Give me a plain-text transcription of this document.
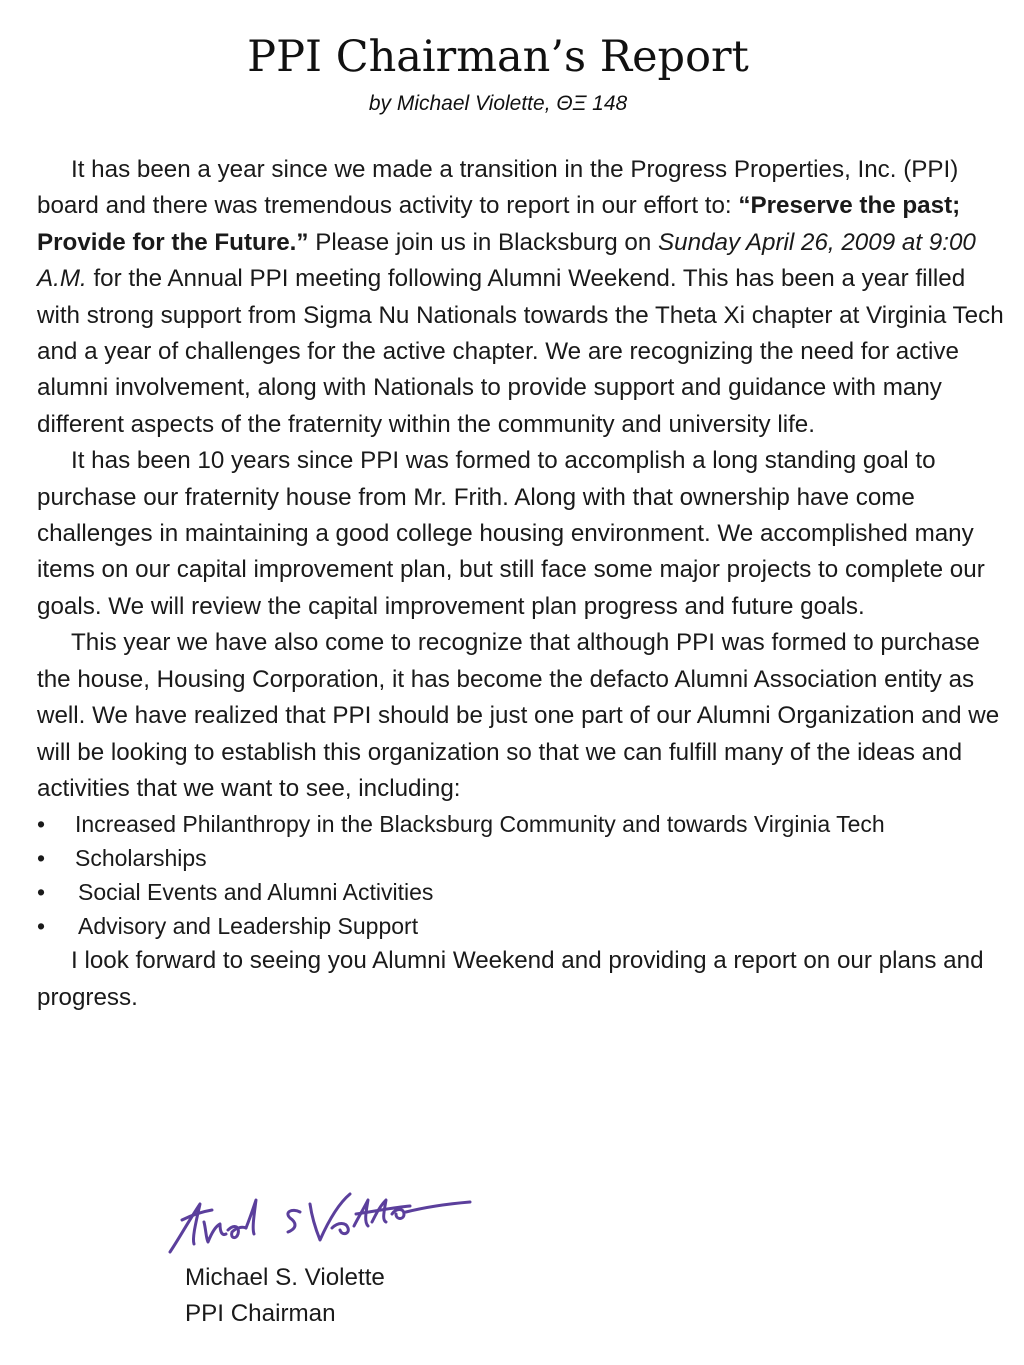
PPI Chairman’s Report
by Michael Violette, ΘΞ 148

It has been a year since we made a transition in the Progress Properties, Inc. (PPI) board and there was tremendous activity to report in our effort to: “Preserve the past; Provide for the Future.” Please join us in Blacksburg on Sunday April 26, 2009 at 9:00 A.M. for the Annual PPI meeting following Alumni Weekend. This has been a year filled with strong support from Sigma Nu Nationals towards the Theta Xi chapter at Virginia Tech and a year of challenges for the active chapter. We are recognizing the need for active alumni involvement, along with Nationals to provide support and guidance with many different aspects of the fraternity within the community and university life.

It has been 10 years since PPI was formed to accomplish a long standing goal to purchase our fraternity house from Mr. Frith. Along with that ownership have come challenges in maintaining a good college housing environment. We accomplished many items on our capital improvement plan, but still face some major projects to complete our goals. We will review the capital improvement plan progress and future goals.

This year we have also come to recognize that although PPI was formed to purchase the house, Housing Corporation, it has become the defacto Alumni Association entity as well. We have realized that PPI should be just one part of our Alumni Organization and we will be looking to establish this organization so that we can fulfill many of the ideas and activities that we want to see, including:

• Increased Philanthropy in the Blacksburg Community and towards Virginia Tech
• Scholarships
• Social Events and Alumni Activities
• Advisory and Leadership Support

I look forward to seeing you Alumni Weekend and providing a report on our plans and progress.

Michael S. Violette
PPI Chairman
